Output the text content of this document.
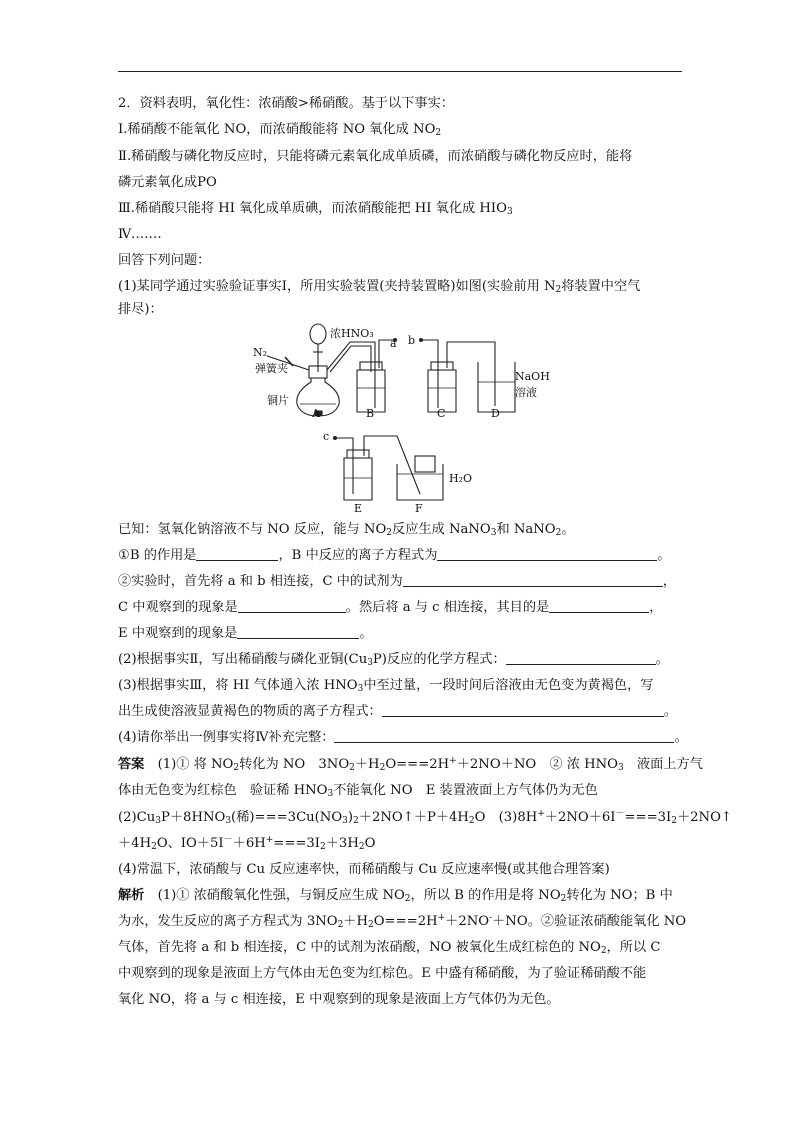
2．资料表明，氧化性：浓硝酸>稀硝酸。基于以下事实：
Ⅰ.稀硝酸不能氧化 NO，而浓硝酸能将 NO 氧化成 $NO_2$
Ⅱ.稀硝酸与磷化物反应时，只能将磷元素氧化成单质磷，而浓硝酸与磷化物反应时，能将
磷元素氧化成PO
Ⅲ.稀硝酸只能将 HI 氧化成单质碘，而浓硝酸能把 HI 氧化成 $HIO_3$
Ⅳ.……
回答下列问题：
(1)某同学通过实验验证事实Ⅰ，所用实验装置(夹持装置略)如图(实验前用 $N_2$将装置中空气
排尽)：
浓HNO₃
a b
N₂
弹簧夹
铜片
NaOH
溶液
A	B	C	D
c
H₂O
E	F
已知：氢氧化钠溶液不与 NO 反应，能与 $NO_2$反应生成 NaNO$_3$和 NaNO$_2$。
①B 的作用是	，B 中反应的离子方程式为	。
②实验时，首先将 a 和 b 相连接，C 中的试剂为	，
C 中观察到的现象是	。然后将 a 与 c 相连接，其目的是	，
E 中观察到的现象是	。
(2)根据事实Ⅱ，写出稀硝酸与磷化亚铜$(Cu_3P)$反应的化学方程式：	。
(3)根据事实Ⅲ，将 HI 气体通入浓 $HNO_3$中至过量，一段时间后溶液由无色变为黄褐色，写
出生成使溶液显黄褐色的物质的离子方程式：	。
(4)请你举出一例事实将Ⅳ补充完整：	。
答案　 (1)① 将 $NO_2$转化为 NO　$3NO_2+H_2O===2H^++2NO+NO$　② 浓 $HNO_3$　液面上方气
体由无色变为红棕色　验证稀 $HNO_3$不能氧化 NO　E 装置液面上方气体仍为无色
$(2)Cu_3P+8HNO_3$(稀)$===3Cu(NO_3)_2+2NO↑+P+4H_2O$　$(3)8H^++2NO+6I^-===3I_2+2NO↑$
$+4H_2O$、$IO+5I^-+6H^+===3I_2+3H_2O$
(4)常温下，浓硝酸与 Cu 反应速率快，而稀硝酸与 Cu 反应速率慢(或其他合理答案)
解析　 (1)① 浓硝酸氧化性强，与铜反应生成 $NO_2$，所以 B 的作用是将 $NO_2$转化为 NO；B 中
为水，发生反应的离子方程式为 $3NO_2+H_2O===2H^++2NO^-+NO$。②验证浓硝酸能氧化 NO
气体，首先将 a 和 b 相连接，C 中的试剂为浓硝酸，NO 被氧化生成红棕色的 $NO_2$，所以 C
中观察到的现象是液面上方气体由无色变为红棕色。E 中盛有稀硝酸，为了验证稀硝酸不能
氧化 NO，将 a 与 c 相连接，E 中观察到的现象是液面上方气体仍为无色。
